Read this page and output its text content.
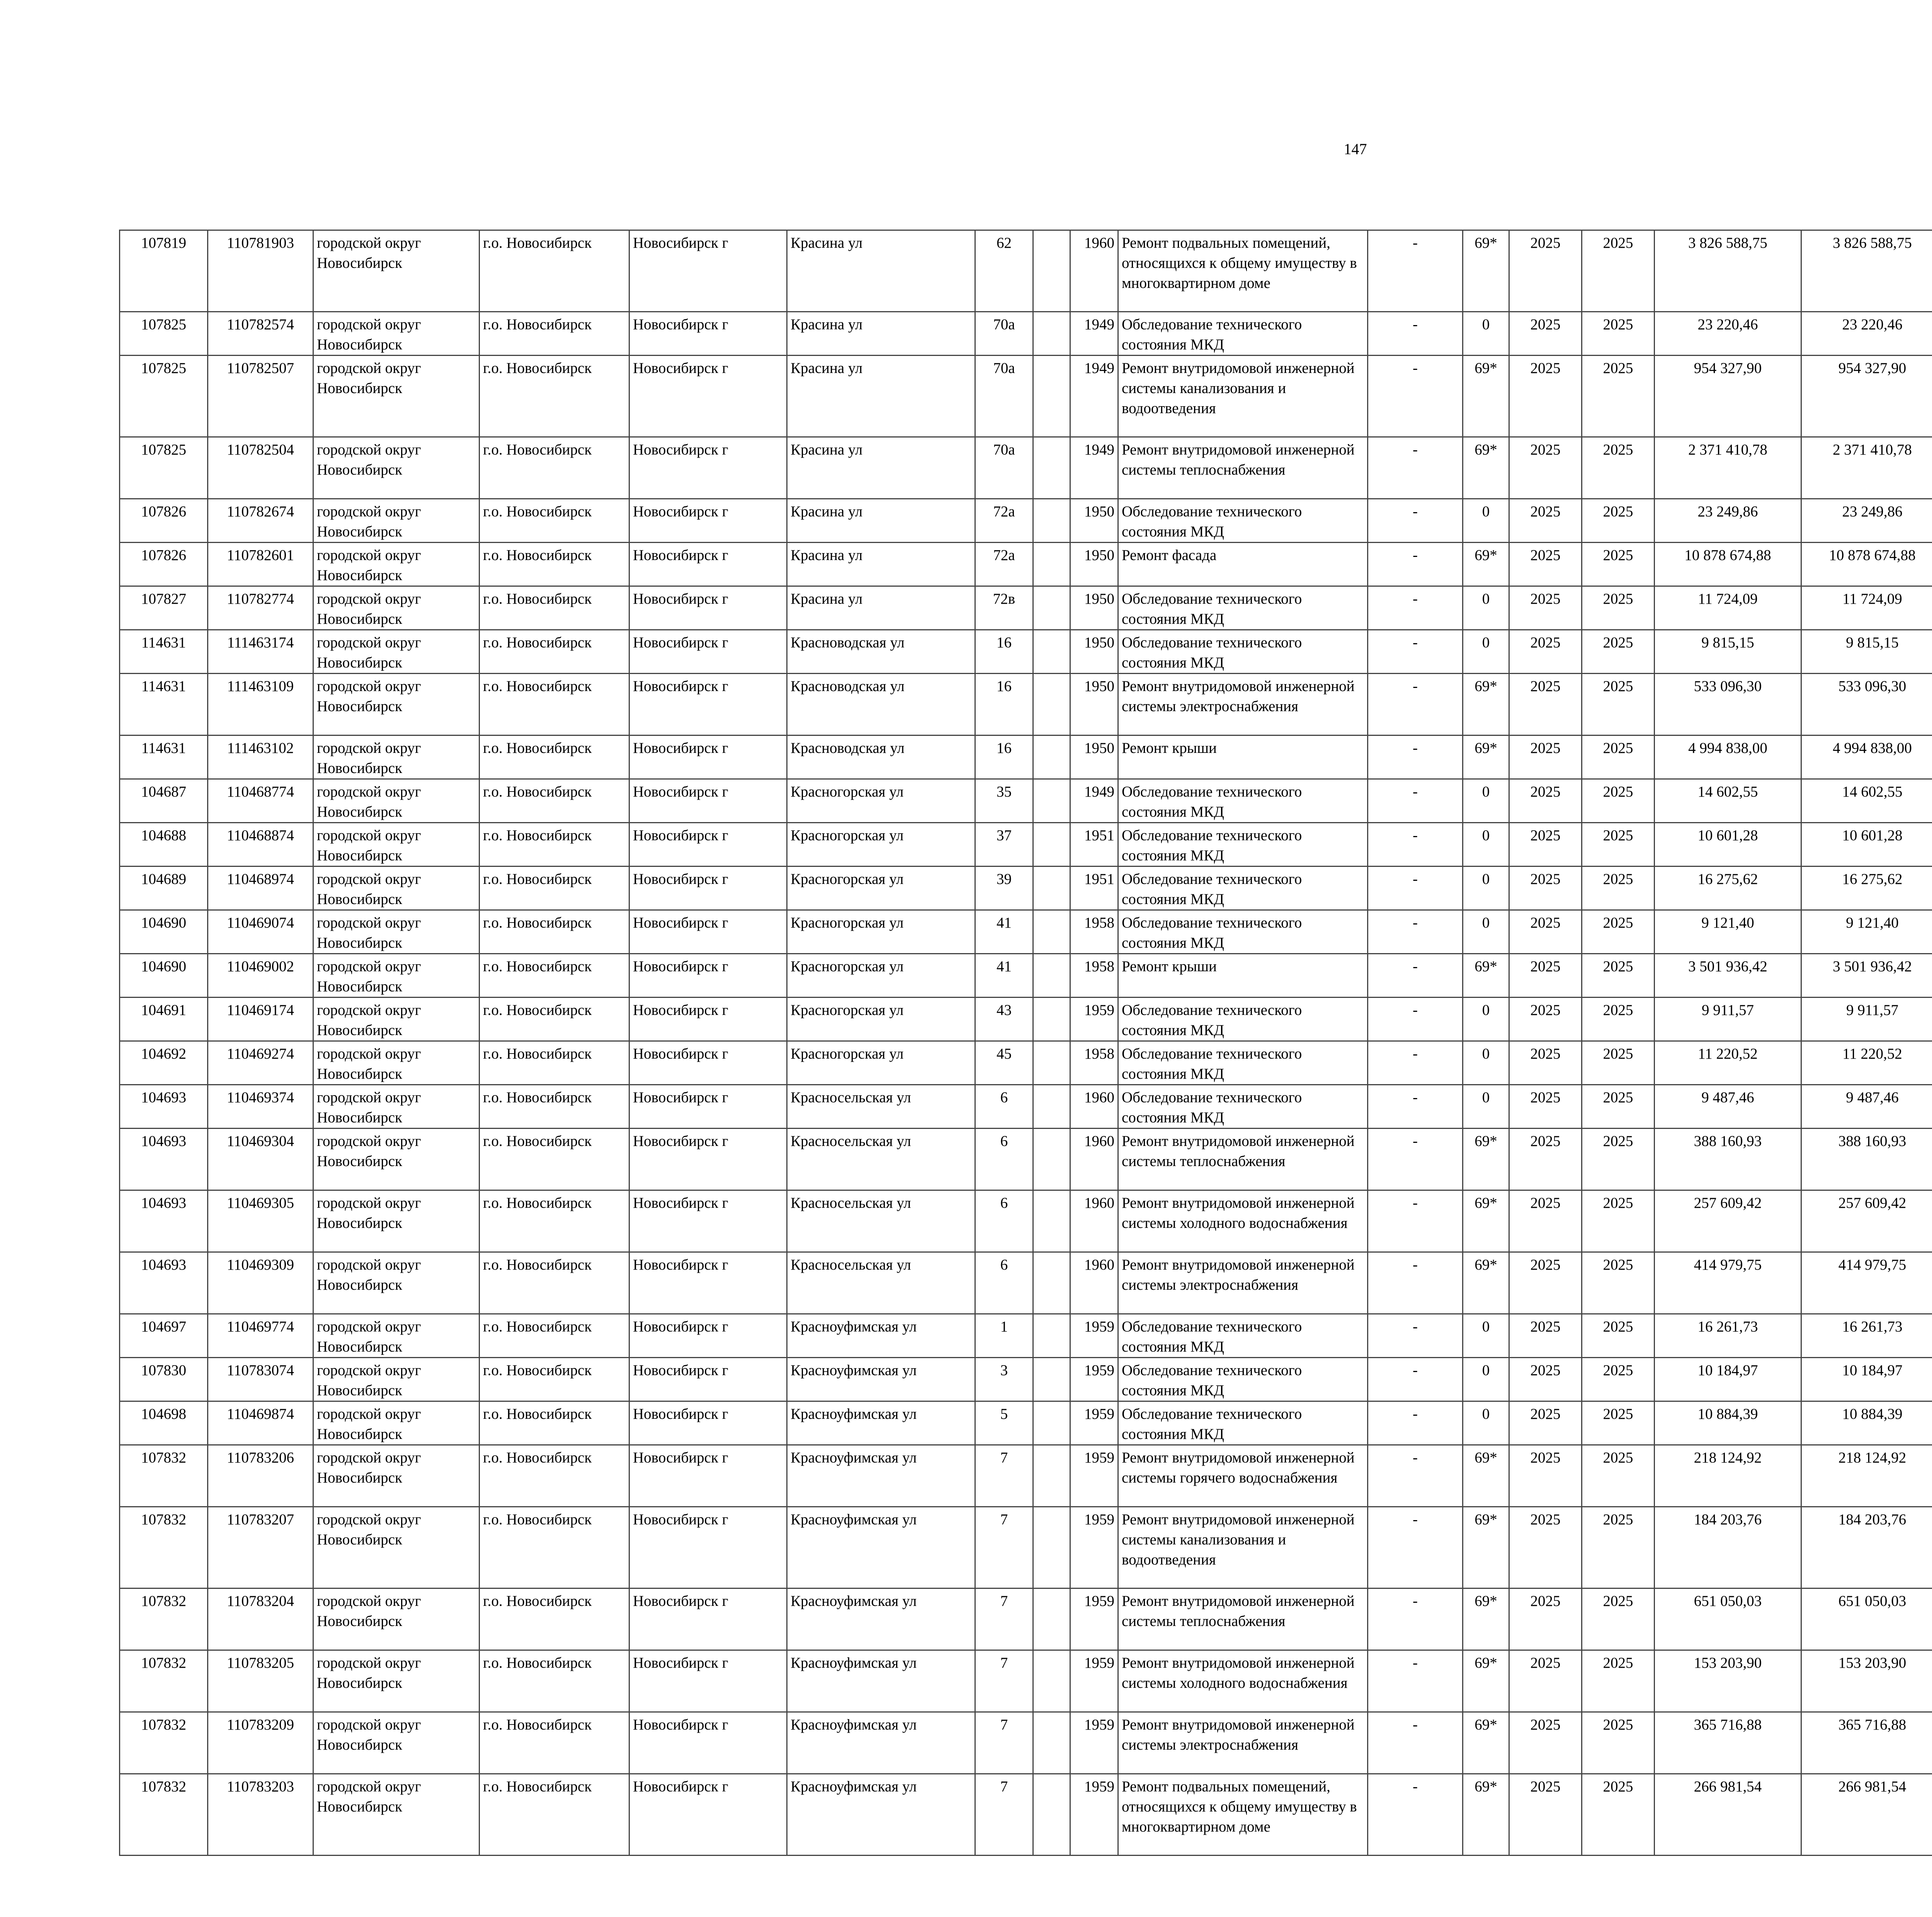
147
107819	110781903	городской округ Новосибирск	г.о. Новосибирск	Новосибирск г	Красина ул	62		1960	Ремонт подвальных помещений, относящихся к общему имуществу в многоквартирном доме	-	69*	2025	2025	3 826 588,75	3 826 588,75						
107825	110782574	городской округ Новосибирск	г.о. Новосибирск	Новосибирск г	Красина ул	70а		1949	Обследование технического состояния МКД	-	0	2025	2025	23 220,46	23 220,46						
107825	110782507	городской округ Новосибирск	г.о. Новосибирск	Новосибирск г	Красина ул	70а		1949	Ремонт внутридомовой инженерной системы канализования и водоотведения	-	69*	2025	2025	954 327,90	954 327,90						
107825	110782504	городской округ Новосибирск	г.о. Новосибирск	Новосибирск г	Красина ул	70а		1949	Ремонт внутридомовой инженерной системы теплоснабжения	-	69*	2025	2025	2 371 410,78	2 371 410,78						
107826	110782674	городской округ Новосибирск	г.о. Новосибирск	Новосибирск г	Красина ул	72а		1950	Обследование технического состояния МКД	-	0	2025	2025	23 249,86	23 249,86						
107826	110782601	городской округ Новосибирск	г.о. Новосибирск	Новосибирск г	Красина ул	72а		1950	Ремонт фасада	-	69*	2025	2025	10 878 674,88	10 878 674,88						
107827	110782774	городской округ Новосибирск	г.о. Новосибирск	Новосибирск г	Красина ул	72в		1950	Обследование технического состояния МКД	-	0	2025	2025	11 724,09	11 724,09						
114631	111463174	городской округ Новосибирск	г.о. Новосибирск	Новосибирск г	Красноводская ул	16		1950	Обследование технического состояния МКД	-	0	2025	2025	9 815,15	9 815,15						
114631	111463109	городской округ Новосибирск	г.о. Новосибирск	Новосибирск г	Красноводская ул	16		1950	Ремонт внутридомовой инженерной системы электроснабжения	-	69*	2025	2025	533 096,30	533 096,30						
114631	111463102	городской округ Новосибирск	г.о. Новосибирск	Новосибирск г	Красноводская ул	16		1950	Ремонт крыши	-	69*	2025	2025	4 994 838,00	4 994 838,00						
104687	110468774	городской округ Новосибирск	г.о. Новосибирск	Новосибирск г	Красногорская ул	35		1949	Обследование технического состояния МКД	-	0	2025	2025	14 602,55	14 602,55						
104688	110468874	городской округ Новосибирск	г.о. Новосибирск	Новосибирск г	Красногорская ул	37		1951	Обследование технического состояния МКД	-	0	2025	2025	10 601,28	10 601,28						
104689	110468974	городской округ Новосибирск	г.о. Новосибирск	Новосибирск г	Красногорская ул	39		1951	Обследование технического состояния МКД	-	0	2025	2025	16 275,62	16 275,62						
104690	110469074	городской округ Новосибирск	г.о. Новосибирск	Новосибирск г	Красногорская ул	41		1958	Обследование технического состояния МКД	-	0	2025	2025	9 121,40	9 121,40						
104690	110469002	городской округ Новосибирск	г.о. Новосибирск	Новосибирск г	Красногорская ул	41		1958	Ремонт крыши	-	69*	2025	2025	3 501 936,42	3 501 936,42						
104691	110469174	городской округ Новосибирск	г.о. Новосибирск	Новосибирск г	Красногорская ул	43		1959	Обследование технического состояния МКД	-	0	2025	2025	9 911,57	9 911,57						
104692	110469274	городской округ Новосибирск	г.о. Новосибирск	Новосибирск г	Красногорская ул	45		1958	Обследование технического состояния МКД	-	0	2025	2025	11 220,52	11 220,52						
104693	110469374	городской округ Новосибирск	г.о. Новосибирск	Новосибирск г	Красносельская ул	6		1960	Обследование технического состояния МКД	-	0	2025	2025	9 487,46	9 487,46						
104693	110469304	городской округ Новосибирск	г.о. Новосибирск	Новосибирск г	Красносельская ул	6		1960	Ремонт внутридомовой инженерной системы теплоснабжения	-	69*	2025	2025	388 160,93	388 160,93						
104693	110469305	городской округ Новосибирск	г.о. Новосибирск	Новосибирск г	Красносельская ул	6		1960	Ремонт внутридомовой инженерной системы холодного водоснабжения	-	69*	2025	2025	257 609,42	257 609,42						
104693	110469309	городской округ Новосибирск	г.о. Новосибирск	Новосибирск г	Красносельская ул	6		1960	Ремонт внутридомовой инженерной системы электроснабжения	-	69*	2025	2025	414 979,75	414 979,75						
104697	110469774	городской округ Новосибирск	г.о. Новосибирск	Новосибирск г	Красноуфимская ул	1		1959	Обследование технического состояния МКД	-	0	2025	2025	16 261,73	16 261,73						
107830	110783074	городской округ Новосибирск	г.о. Новосибирск	Новосибирск г	Красноуфимская ул	3		1959	Обследование технического состояния МКД	-	0	2025	2025	10 184,97	10 184,97						
104698	110469874	городской округ Новосибирск	г.о. Новосибирск	Новосибирск г	Красноуфимская ул	5		1959	Обследование технического состояния МКД	-	0	2025	2025	10 884,39	10 884,39						
107832	110783206	городской округ Новосибирск	г.о. Новосибирск	Новосибирск г	Красноуфимская ул	7		1959	Ремонт внутридомовой инженерной системы горячего водоснабжения	-	69*	2025	2025	218 124,92	218 124,92						
107832	110783207	городской округ Новосибирск	г.о. Новосибирск	Новосибирск г	Красноуфимская ул	7		1959	Ремонт внутридомовой инженерной системы канализования и водоотведения	-	69*	2025	2025	184 203,76	184 203,76						
107832	110783204	городской округ Новосибирск	г.о. Новосибирск	Новосибирск г	Красноуфимская ул	7		1959	Ремонт внутридомовой инженерной системы теплоснабжения	-	69*	2025	2025	651 050,03	651 050,03						
107832	110783205	городской округ Новосибирск	г.о. Новосибирск	Новосибирск г	Красноуфимская ул	7		1959	Ремонт внутридомовой инженерной системы холодного водоснабжения	-	69*	2025	2025	153 203,90	153 203,90						
107832	110783209	городской округ Новосибирск	г.о. Новосибирск	Новосибирск г	Красноуфимская ул	7		1959	Ремонт внутридомовой инженерной системы электроснабжения	-	69*	2025	2025	365 716,88	365 716,88						
107832	110783203	городской округ Новосибирск	г.о. Новосибирск	Новосибирск г	Красноуфимская ул	7		1959	Ремонт подвальных помещений, относящихся к общему имуществу в многоквартирном доме	-	69*	2025	2025	266 981,54	266 981,54						
